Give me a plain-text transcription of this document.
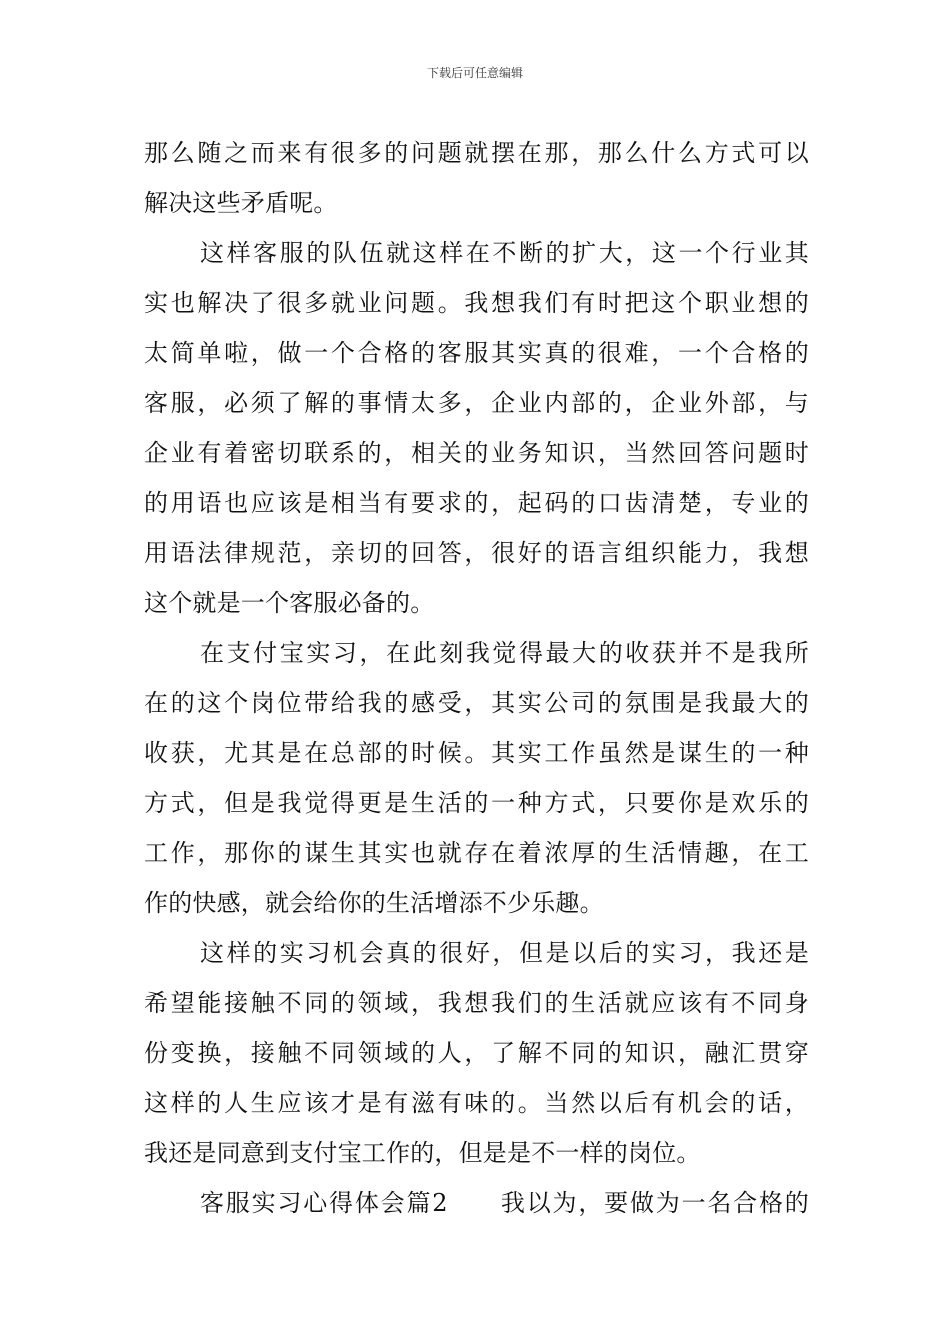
下载后可任意编辑
那么随之而来有很多的问题就摆在那，那么什么方式可以
解决这些矛盾呢。
这样客服的队伍就这样在不断的扩大，这一个行业其
实也解决了很多就业问题。我想我们有时把这个职业想的
太简单啦，做一个合格的客服其实真的很难，一个合格的
客服，必须了解的事情太多，企业内部的，企业外部，与
企业有着密切联系的，相关的业务知识，当然回答问题时
的用语也应该是相当有要求的，起码的口齿清楚，专业的
用语法律规范，亲切的回答，很好的语言组织能力，我想
这个就是一个客服必备的。
在支付宝实习，在此刻我觉得最大的收获并不是我所
在的这个岗位带给我的感受，其实公司的氛围是我最大的
收获，尤其是在总部的时候。其实工作虽然是谋生的一种
方式，但是我觉得更是生活的一种方式，只要你是欢乐的
工作，那你的谋生其实也就存在着浓厚的生活情趣，在工
作的快感，就会给你的生活增添不少乐趣。
这样的实习机会真的很好，但是以后的实习，我还是
希望能接触不同的领域，我想我们的生活就应该有不同身
份变换，接触不同领域的人，了解不同的知识，融汇贯穿
这样的人生应该才是有滋有味的。当然以后有机会的话，
我还是同意到支付宝工作的，但是是不一样的岗位。
客服实习心得体会篇2　　我以为，要做为一名合格的
